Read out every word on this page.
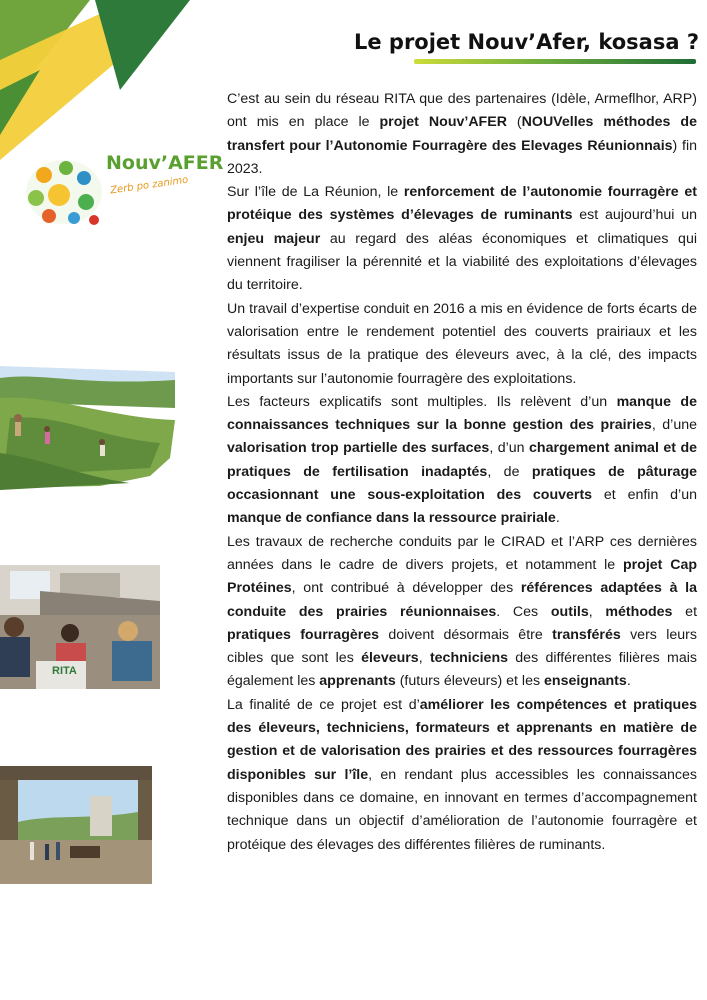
Le projet Nouv’Afer, kosasa ?
Nouv’AFER
Zerb po zanimo
RITA

C’est au sein du réseau RITA que des partenaires (Idèle, Armeflhor, ARP) ont mis en place le projet Nouv’AFER (NOUVelles méthodes de transfert pour l’Autonomie Fourragère des Elevages Réunionnais) fin 2023.

Sur l’île de La Réunion, le renforcement de l’autonomie fourragère et protéique des systèmes d’élevages de ruminants est aujourd’hui un enjeu majeur au regard des aléas économiques et climatiques qui viennent fragiliser la pérennité et la viabilité des exploitations d’élevages du territoire.

Un travail d’expertise conduit en 2016 a mis en évidence de forts écarts de valorisation entre le rendement potentiel des couverts prairiaux et les résultats issus de la pratique des éleveurs avec, à la clé, des impacts importants sur l’autonomie fourragère des exploitations.

Les facteurs explicatifs sont multiples. Ils relèvent d’un manque de connaissances techniques sur la bonne gestion des prairies, d’une valorisation trop partielle des surfaces, d’un chargement animal et de pratiques de fertilisation inadaptés, de pratiques de pâturage occasionnant une sous-exploitation des couverts et enfin d’un manque de confiance dans la ressource prairiale.

Les travaux de recherche conduits par le CIRAD et l’ARP ces dernières années dans le cadre de divers projets, et notamment le projet Cap Protéines, ont contribué à développer des références adaptées à la conduite des prairies réunionnaises. Ces outils, méthodes et pratiques fourragères doivent désormais être transférés vers leurs cibles que sont les éleveurs, techniciens des différentes filières mais également les apprenants (futurs éleveurs) et les enseignants.

La finalité de ce projet est d’améliorer les compétences et pratiques des éleveurs, techniciens, formateurs et apprenants en matière de gestion et de valorisation des prairies et des ressources fourragères disponibles sur l’île, en rendant plus accessibles les connaissances disponibles dans ce domaine, en innovant en termes d’accompagnement technique dans un objectif d’amélioration de l’autonomie fourragère et protéique des élevages des différentes filières de ruminants.
